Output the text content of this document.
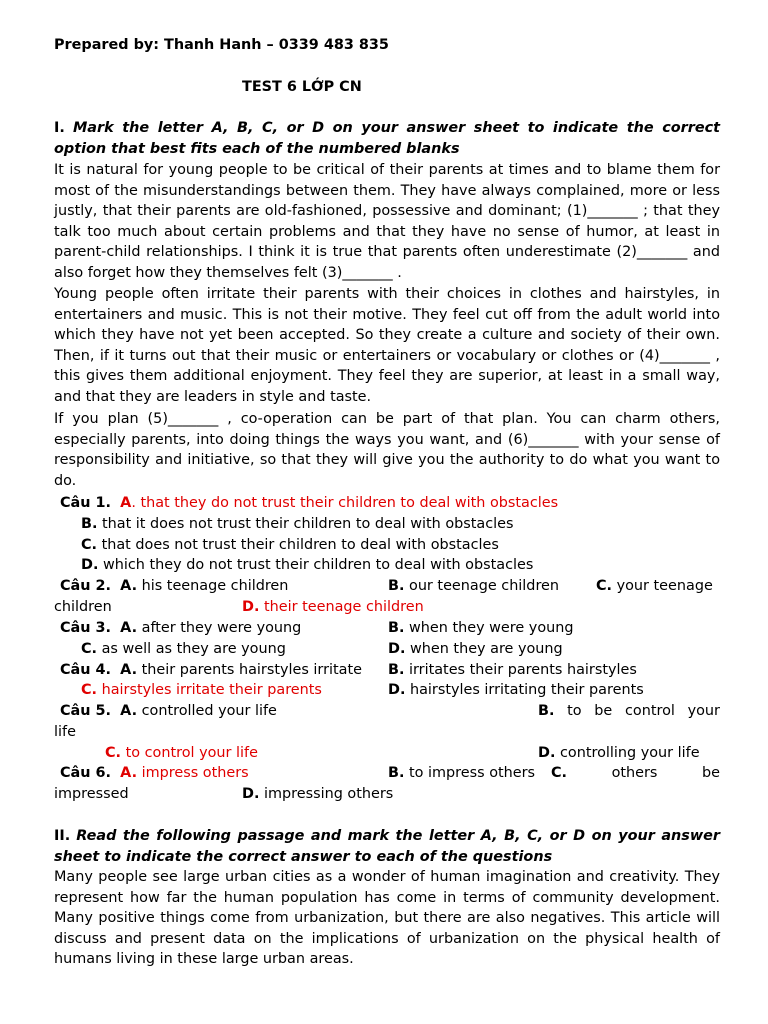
Prepared by: Thanh Hanh – 0339 483 835
TEST 6 LỚP CN
I. Mark the letter A, B, C, or D on your answer sheet to indicate the correct option that best fits each of the numbered blanks
It is natural for young people to be critical of their parents at times and to blame them for most of the misunderstandings between them. They have always complained, more or less justly, that their parents are old-fashioned, possessive and dominant; (1)_______ ; that they talk too much about certain problems and that they have no sense of humor, at least in parent-child relationships. I think it is true that parents often underestimate (2)_______ and also forget how they themselves felt (3)_______ .
Young people often irritate their parents with their choices in clothes and hairstyles, in entertainers and music. This is not their motive. They feel cut off from the adult world into which they have not yet been accepted. So they create a culture and society of their own. Then, if it turns out that their music or entertainers or vocabulary or clothes or (4)_______ , this gives them additional enjoyment. They feel they are superior, at least in a small way, and that they are leaders in style and taste.
If you plan (5)_______ , co-operation can be part of that plan. You can charm others, especially parents, into doing things the ways you want, and (6)_______ with your sense of responsibility and initiative, so that they will give you the authority to do what you want to do.
Câu 1. A. that they do not trust their children to deal with obstacles
B. that it does not trust their children to deal with obstacles
C. that does not trust their children to deal with obstacles
D. which they do not trust their children to deal with obstacles
Câu 2. A. his teenage children	B. our teenage children	C. your teenage
children	D. their teenage children
Câu 3. A. after they were young	B. when they were young
C. as well as they are young	D. when they are young
Câu 4. A. their parents hairstyles irritate B. irritates their parents hairstyles
C. hairstyles irritate their parents	D. hairstyles irritating their parents
Câu 5. A. controlled your life	B. to be control your
life
C. to control your life	D. controlling your life
Câu 6. A. impress others	B. to impress others C.	others	be
impressed	D. impressing others
II. Read the following passage and mark the letter A, B, C, or D on your answer sheet to indicate the correct answer to each of the questions
Many people see large urban cities as a wonder of human imagination and creativity. They represent how far the human population has come in terms of community development. Many positive things come from urbanization, but there are also negatives. This article will discuss and present data on the implications of urbanization on the physical health of humans living in these large urban areas.
